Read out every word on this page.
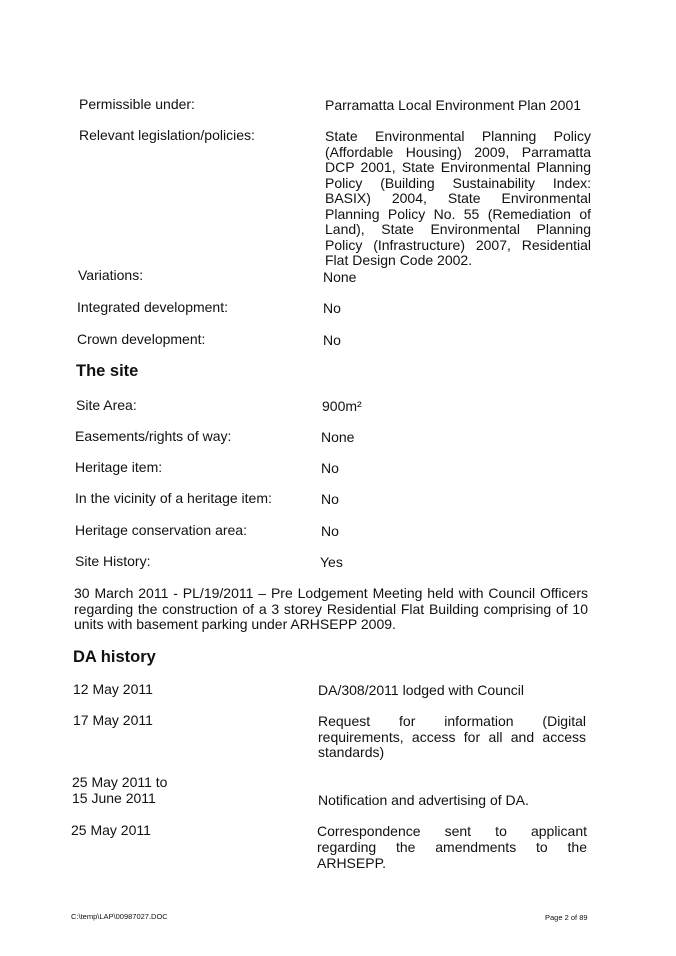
Permissible under:	Parramatta Local Environment Plan 2001
Relevant legislation/policies:	State Environmental Planning Policy (Affordable Housing) 2009, Parramatta DCP 2001, State Environmental Planning Policy (Building Sustainability Index: BASIX) 2004, State Environmental Planning Policy No. 55 (Remediation of Land), State Environmental Planning Policy (Infrastructure) 2007, Residential Flat Design Code 2002.
Variations:	None
Integrated development:	No
Crown development:	No
The site
Site Area:	900m²
Easements/rights of way:	None
Heritage item:	No
In the vicinity of a heritage item:	No
Heritage conservation area:	No
Site History:	Yes
30 March 2011 - PL/19/2011 – Pre Lodgement Meeting held with Council Officers regarding the construction of a 3 storey Residential Flat Building comprising of 10 units with basement parking under ARHSEPP 2009.
DA history
12 May 2011	DA/308/2011 lodged with Council
17 May 2011	Request for information (Digital requirements, access for all and access standards)
25 May 2011 to
15 June 2011	Notification and advertising of DA.
25 May 2011	Correspondence sent to applicant regarding the amendments to the ARHSEPP.
C:\temp\LAP\00987027.DOC	Page 2 of 89
